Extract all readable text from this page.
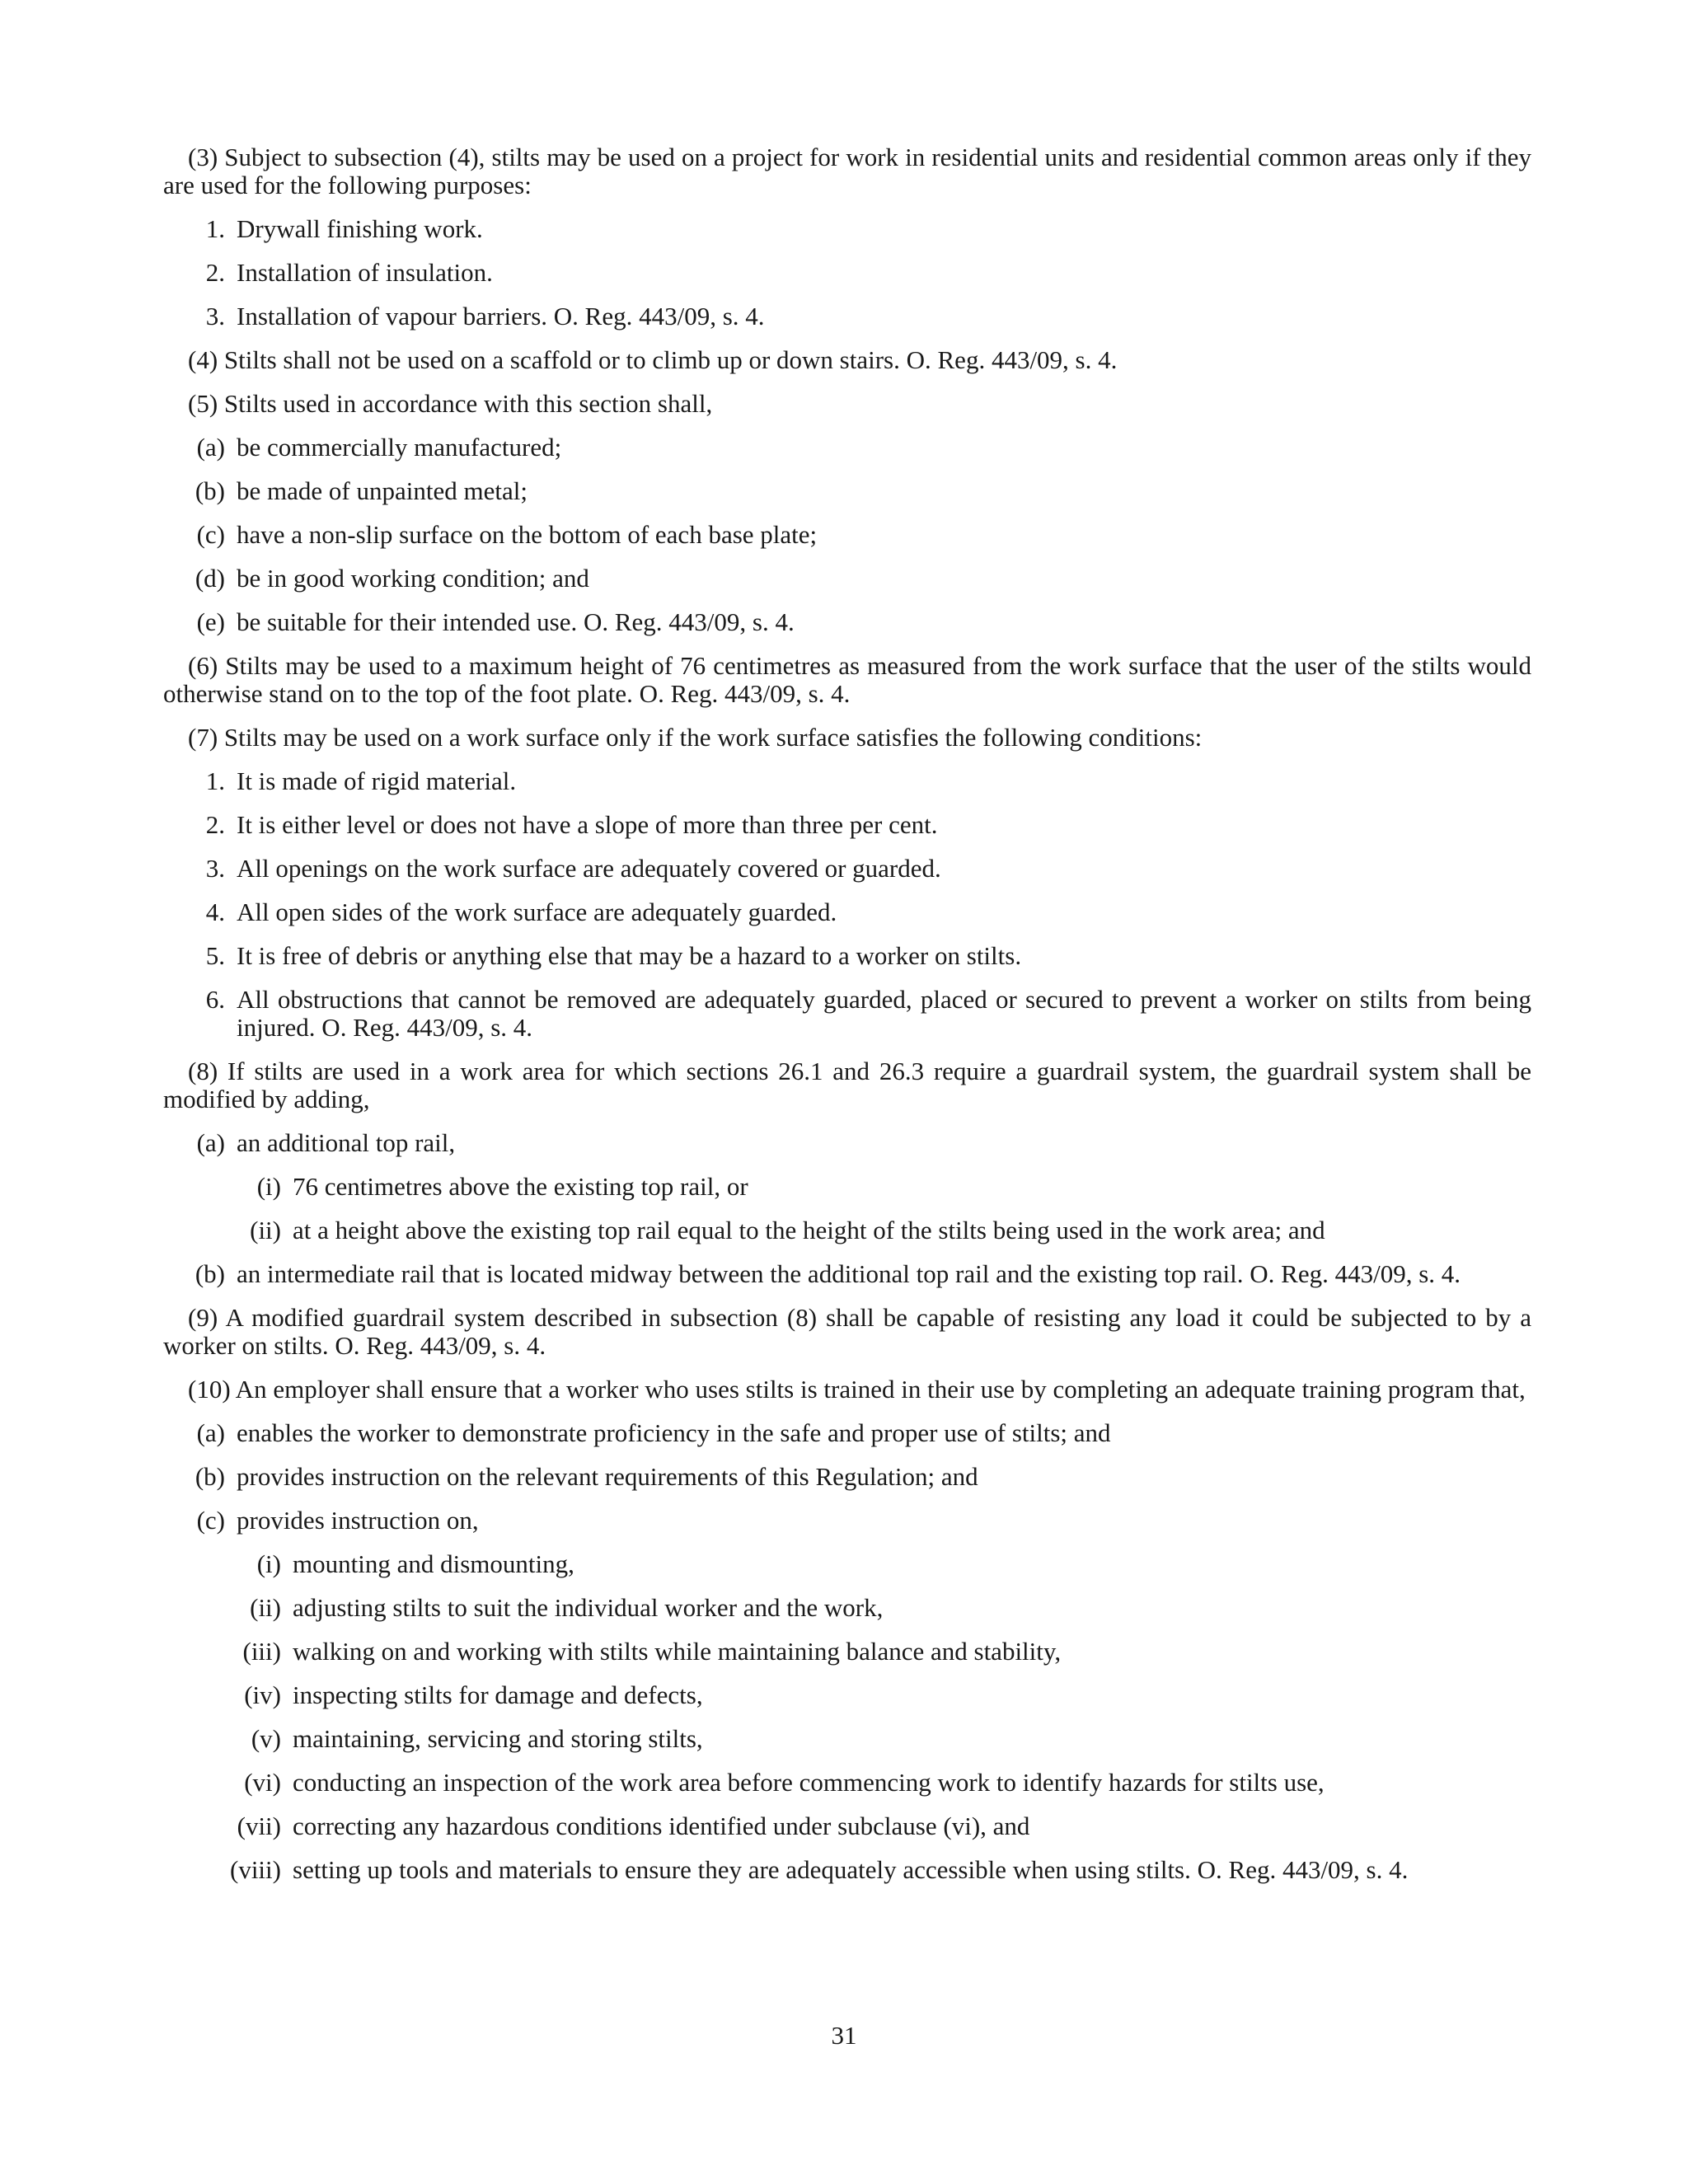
(3) Subject to subsection (4), stilts may be used on a project for work in residential units and residential common areas only if they are used for the following purposes:

1. Drywall finishing work.
2. Installation of insulation.
3. Installation of vapour barriers. O. Reg. 443/09, s. 4.

(4) Stilts shall not be used on a scaffold or to climb up or down stairs. O. Reg. 443/09, s. 4.

(5) Stilts used in accordance with this section shall,

(a) be commercially manufactured;
(b) be made of unpainted metal;
(c) have a non-slip surface on the bottom of each base plate;
(d) be in good working condition; and
(e) be suitable for their intended use. O. Reg. 443/09, s. 4.

(6) Stilts may be used to a maximum height of 76 centimetres as measured from the work surface that the user of the stilts would otherwise stand on to the top of the foot plate. O. Reg. 443/09, s. 4.

(7) Stilts may be used on a work surface only if the work surface satisfies the following conditions:

1. It is made of rigid material.
2. It is either level or does not have a slope of more than three per cent.
3. All openings on the work surface are adequately covered or guarded.
4. All open sides of the work surface are adequately guarded.
5. It is free of debris or anything else that may be a hazard to a worker on stilts.
6. All obstructions that cannot be removed are adequately guarded, placed or secured to prevent a worker on stilts from being injured. O. Reg. 443/09, s. 4.

(8) If stilts are used in a work area for which sections 26.1 and 26.3 require a guardrail system, the guardrail system shall be modified by adding,

(a) an additional top rail,
(i) 76 centimetres above the existing top rail, or
(ii) at a height above the existing top rail equal to the height of the stilts being used in the work area; and
(b) an intermediate rail that is located midway between the additional top rail and the existing top rail. O. Reg. 443/09, s. 4.

(9) A modified guardrail system described in subsection (8) shall be capable of resisting any load it could be subjected to by a worker on stilts. O. Reg. 443/09, s. 4.

(10) An employer shall ensure that a worker who uses stilts is trained in their use by completing an adequate training program that,

(a) enables the worker to demonstrate proficiency in the safe and proper use of stilts; and
(b) provides instruction on the relevant requirements of this Regulation; and
(c) provides instruction on,
(i) mounting and dismounting,
(ii) adjusting stilts to suit the individual worker and the work,
(iii) walking on and working with stilts while maintaining balance and stability,
(iv) inspecting stilts for damage and defects,
(v) maintaining, servicing and storing stilts,
(vi) conducting an inspection of the work area before commencing work to identify hazards for stilts use,
(vii) correcting any hazardous conditions identified under subclause (vi), and
(viii) setting up tools and materials to ensure they are adequately accessible when using stilts. O. Reg. 443/09, s. 4.
31
